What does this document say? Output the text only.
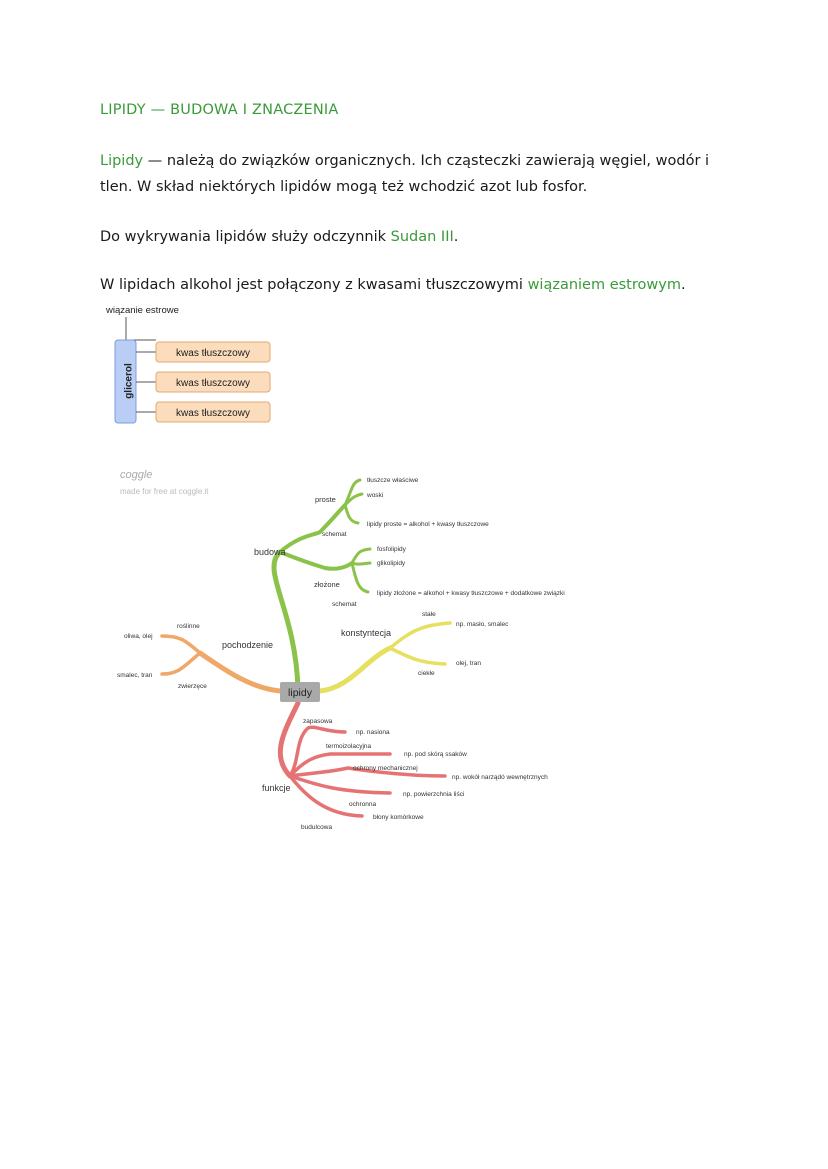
LIPIDY — BUDOWA I ZNACZENIA
Lipidy — należą do związków organicznych. Ich cząsteczki zawierają węgiel, wodór i
tlen. W skład niektórych lipidów mogą też wchodzić azot lub fosfor.
Do wykrywania lipidów służy odczynnik Sudan III.
W lipidach alkohol jest połączony z kwasami tłuszczowymi wiązaniem estrowym.
wiązanie estrowe
glicerol
kwas tłuszczowy
kwas tłuszczowy
kwas tłuszczowy
lipidy
coggle
made for free at coggle.it
budowa
proste
tłuszcze właściwe
woski
schemat
lipidy proste = alkohol + kwasy tłuszczowe
złożone
fosfolipidy
glikolipidy
schemat
lipidy złożone = alkohol + kwasy tłuszczowe + dodatkowe związki
pochodzenie
roślinne
oliwa, olej
zwierzęce
smalec, tran
konstyntecja
stałe
np. masło, smalec
ciekłe
olej, tran
funkcje
zapasowa
np. nasiona
termoizolacyjna
np. pod skórą ssaków
ochrony mechanicznej
np. wokół narządó wewnętrznych
ochronna
np. powierzchnia liści
budulcowa
błony komórkowe
